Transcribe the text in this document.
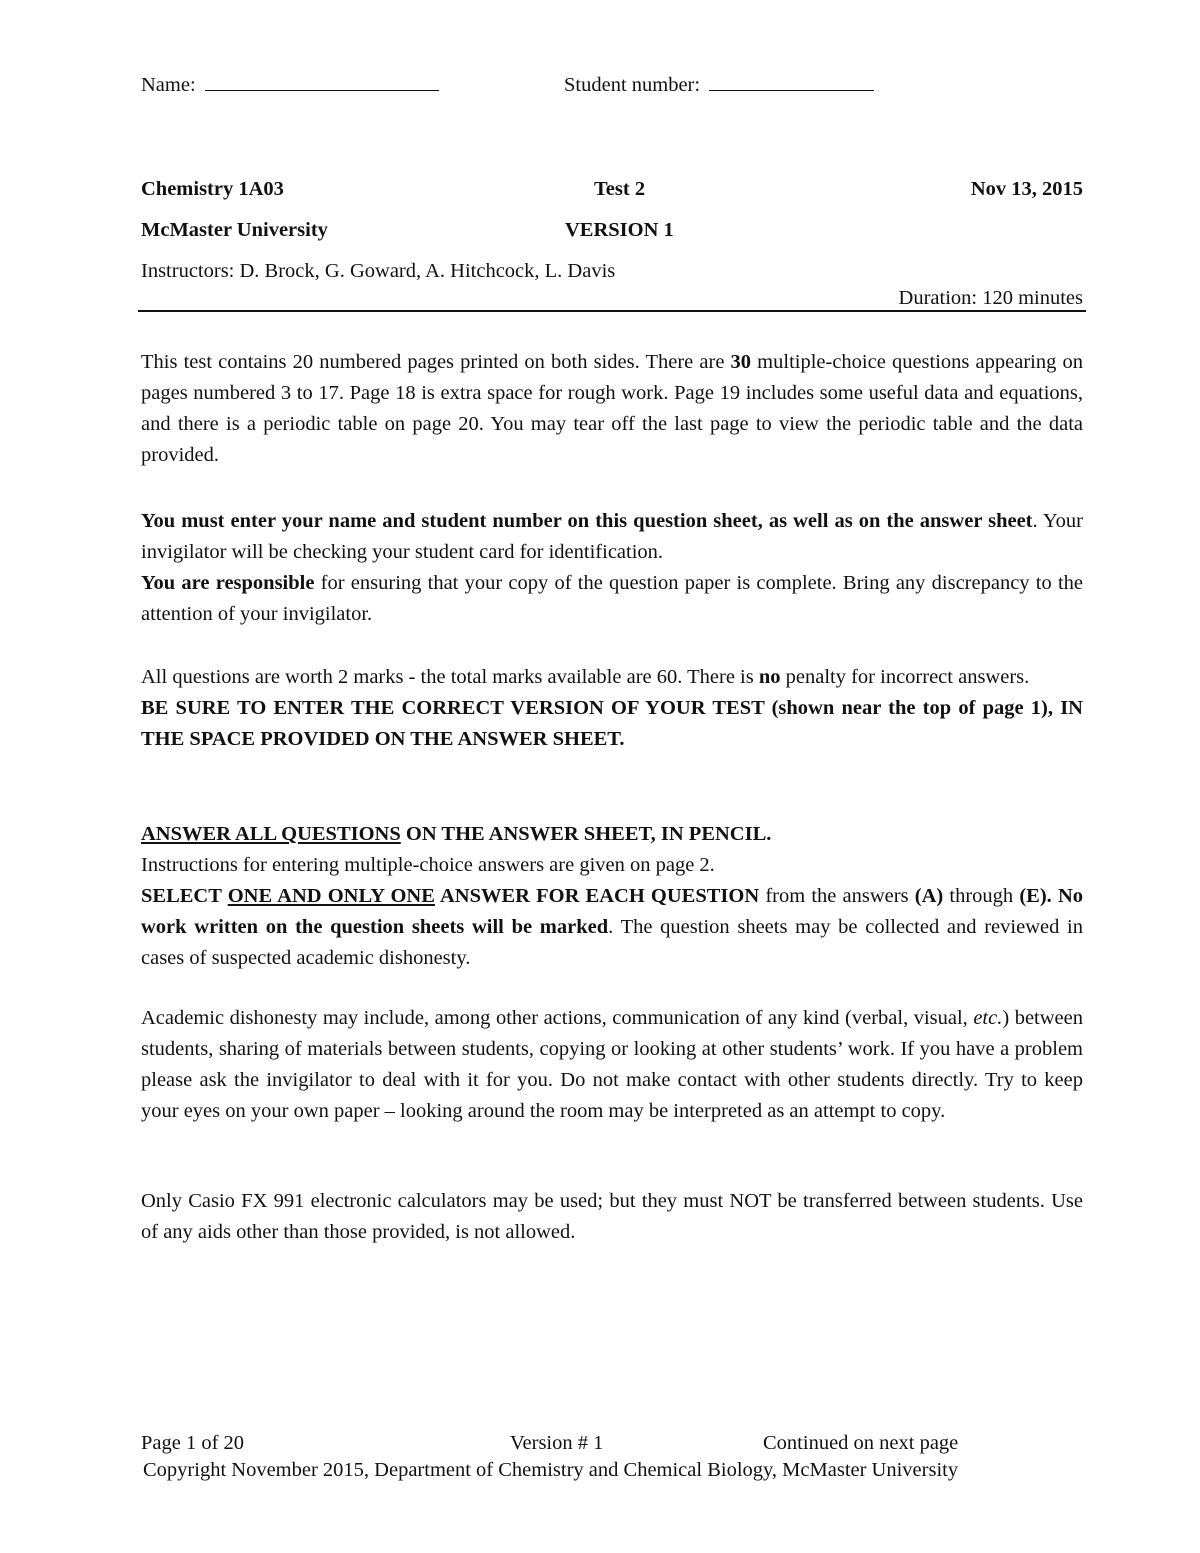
Name:	Student number:
Chemistry 1A03	Test 2	Nov 13, 2015
McMaster University	VERSION 1
Instructors: D. Brock, G. Goward, A. Hitchcock, L. Davis
Duration: 120 minutes

This test contains 20 numbered pages printed on both sides. There are 30 multiple-choice questions appearing on pages numbered 3 to 17. Page 18 is extra space for rough work. Page 19 includes some useful data and equations, and there is a periodic table on page 20. You may tear off the last page to view the periodic table and the data provided.

You must enter your name and student number on this question sheet, as well as on the answer sheet. Your invigilator will be checking your student card for identification.

You are responsible for ensuring that your copy of the question paper is complete. Bring any discrepancy to the attention of your invigilator.

All questions are worth 2 marks - the total marks available are 60. There is no penalty for incorrect answers.

BE SURE TO ENTER THE CORRECT VERSION OF YOUR TEST (shown near the top of page 1), IN THE SPACE PROVIDED ON THE ANSWER SHEET.

ANSWER ALL QUESTIONS ON THE ANSWER SHEET, IN PENCIL.

Instructions for entering multiple-choice answers are given on page 2.

SELECT ONE AND ONLY ONE ANSWER FOR EACH QUESTION from the answers (A) through (E). No work written on the question sheets will be marked. The question sheets may be collected and reviewed in cases of suspected academic dishonesty.

Academic dishonesty may include, among other actions, communication of any kind (verbal, visual, etc.) between students, sharing of materials between students, copying or looking at other students’ work. If you have a problem please ask the invigilator to deal with it for you. Do not make contact with other students directly. Try to keep your eyes on your own paper – looking around the room may be interpreted as an attempt to copy.

Only Casio FX 991 electronic calculators may be used; but they must NOT be transferred between students. Use of any aids other than those provided, is not allowed.
Page 1 of 20	Version # 1	Continued on next page
Copyright November 2015, Department of Chemistry and Chemical Biology, McMaster University
